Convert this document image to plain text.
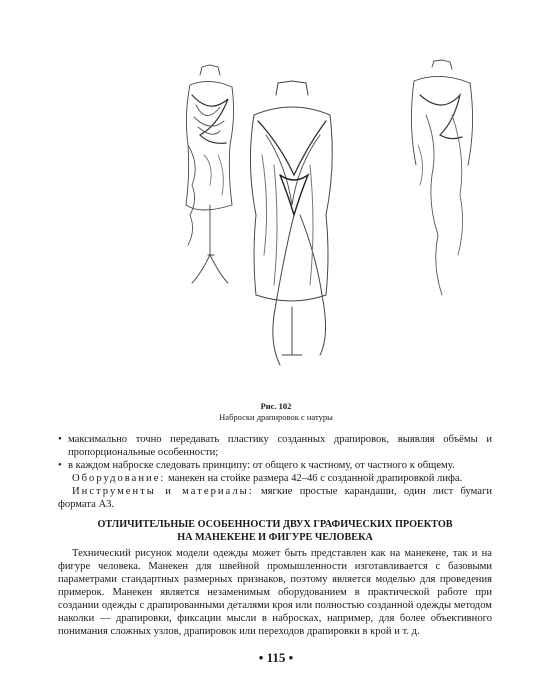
Рис. 102
Наброски драпировок с натуры

• максимально точно передавать пластику созданных драпировок, выявляя объёмы и пропорциональные особенности;

• в каждом наброске следовать принципу: от общего к частному, от частного к общему.

Оборудование: манекен на стойке размера 42–46 с созданной драпировкой лифа.

Инструменты и материалы: мягкие простые карандаши, один лист бумаги формата А3.

ОТЛИЧИТЕЛЬНЫЕ ОСОБЕННОСТИ ДВУХ ГРАФИЧЕСКИХ ПРОЕКТОВ
НА МАНЕКЕНЕ И ФИГУРЕ ЧЕЛОВЕКА

Технический рисунок модели одежды может быть представлен как на манекене, так и на фигуре человека. Манекен для швейной промышленности изготавливается с базовыми параметрами стандартных размерных признаков, поэтому является моделью для проведения примерок. Манекен является незаменимым оборудованием в практической работе при создании одежды с драпированными деталями кроя или полностью созданной одежды методом наколки — драпировки, фиксации мысли в набросках, например, для более объективного понимания сложных узлов, драпировок или переходов драпировки в крой и т. д.

• 115 •
